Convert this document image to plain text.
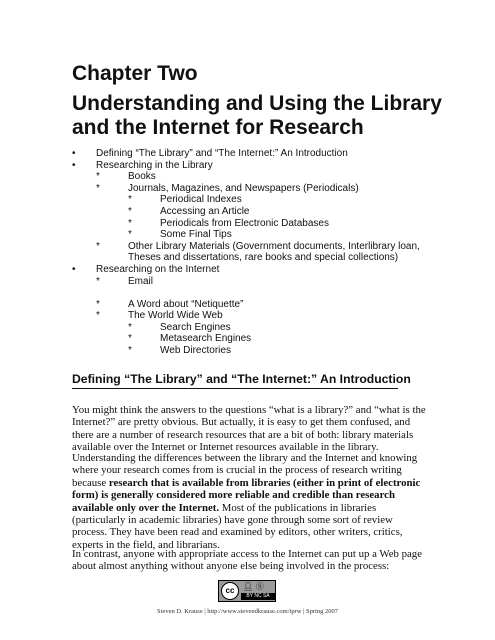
Chapter Two
Understanding and Using the Library and the Internet for Research
• Defining “The Library” and “The Internet:” An Introduction
• Researching in the Library
*	Books
*	Journals, Magazines, and Newspapers (Periodicals)
*	Periodical Indexes
*	Accessing an Article
*	Periodicals from Electronic Databases
*	Some Final Tips
*	Other Library Materials (Government documents, Interlibrary loan,
Theses and dissertations, rare books and special collections)
• Researching on the Internet
*	Email
*	A Word about “Netiquette”
*	The World Wide Web
*	Search Engines
*	Metasearch Engines
*	Web Directories
Defining “The Library” and “The Internet:” An Introduction

You might think the answers to the questions “what is a library?” and “what is the Internet?” are pretty obvious. But actually, it is easy to get them confused, and there are a number of research resources that are a bit of both: library materials available over the Internet or Internet resources available in the library.

Understanding the differences between the library and the Internet and knowing where your research comes from is crucial in the process of research writing because research that is available from libraries (either in print of electronic form) is generally considered more reliable and credible than research available only over the Internet. Most of the publications in libraries (particularly in academic libraries) have gone through some sort of review process. They have been read and examined by editors, other writers, critics, experts in the field, and librarians.

In contrast, anyone with appropriate access to the Internet can put up a Web page about almost anything without anyone else being involved in the process:

cc	👤︎ Ⓢ
BY NC SA
Steven D. Krause | http://www.stevendkrause.com/tprw | Spring 2007
